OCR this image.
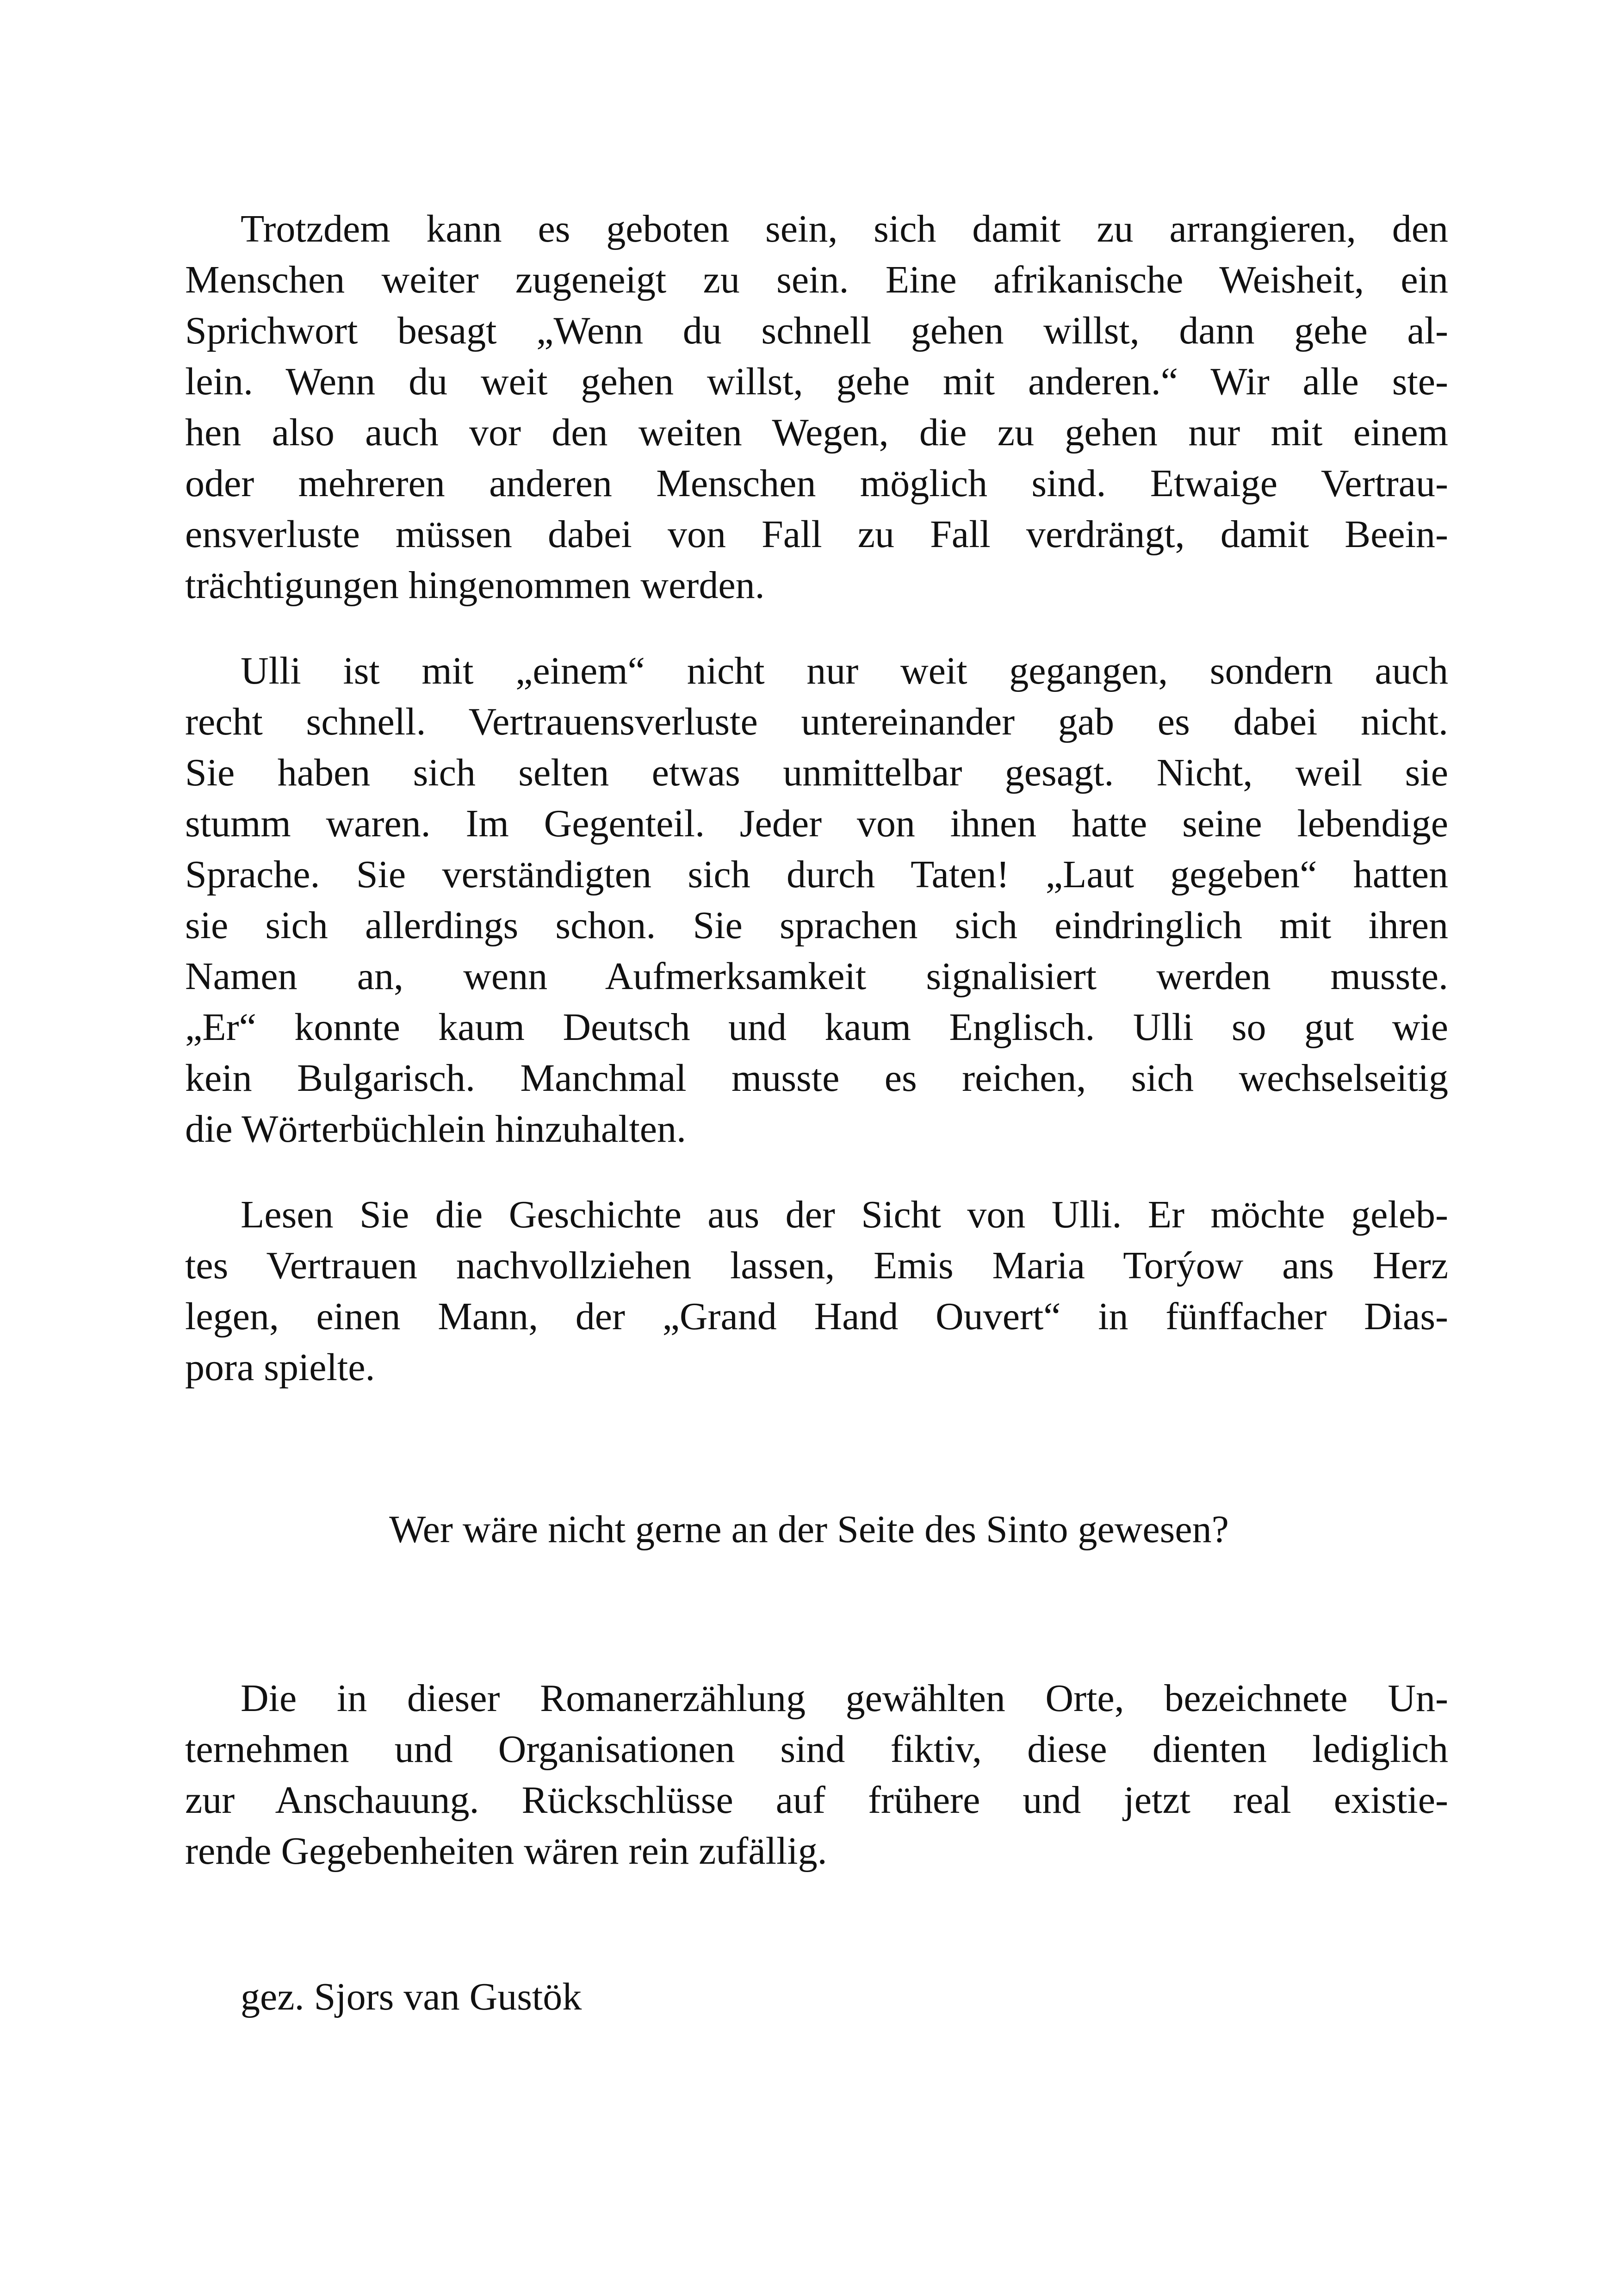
Trotzdem kann es geboten sein, sich damit zu arrangieren, den
Menschen weiter zugeneigt zu sein. Eine afrikanische Weisheit, ein
Sprichwort besagt „Wenn du schnell gehen willst, dann gehe al-
lein. Wenn du weit gehen willst, gehe mit anderen.“ Wir alle ste-
hen also auch vor den weiten Wegen, die zu gehen nur mit einem
oder mehreren anderen Menschen möglich sind. Etwaige Vertrau-
ensverluste müssen dabei von Fall zu Fall verdrängt, damit Beein-
trächtigungen hingenommen werden.
Ulli ist mit „einem“ nicht nur weit gegangen, sondern auch
recht schnell. Vertrauensverluste untereinander gab es dabei nicht.
Sie haben sich selten etwas unmittelbar gesagt. Nicht, weil sie
stumm waren. Im Gegenteil. Jeder von ihnen hatte seine lebendige
Sprache. Sie verständigten sich durch Taten! „Laut gegeben“ hatten
sie sich allerdings schon. Sie sprachen sich eindringlich mit ihren
Namen an, wenn Aufmerksamkeit signalisiert werden musste.
„Er“ konnte kaum Deutsch und kaum Englisch. Ulli so gut wie
kein Bulgarisch. Manchmal musste es reichen, sich wechselseitig
die Wörterbüchlein hinzuhalten.
Lesen Sie die Geschichte aus der Sicht von Ulli. Er möchte geleb-
tes Vertrauen nachvollziehen lassen, Emis Maria Torýow ans Herz
legen, einen Mann, der „Grand Hand Ouvert“ in fünffacher Dias-
pora spielte.
Wer wäre nicht gerne an der Seite des Sinto gewesen?
Die in dieser Romanerzählung gewählten Orte, bezeichnete Un-
ternehmen und Organisationen sind fiktiv, diese dienten lediglich
zur Anschauung. Rückschlüsse auf frühere und jetzt real existie-
rende Gegebenheiten wären rein zufällig.
gez. Sjors van Gustök
